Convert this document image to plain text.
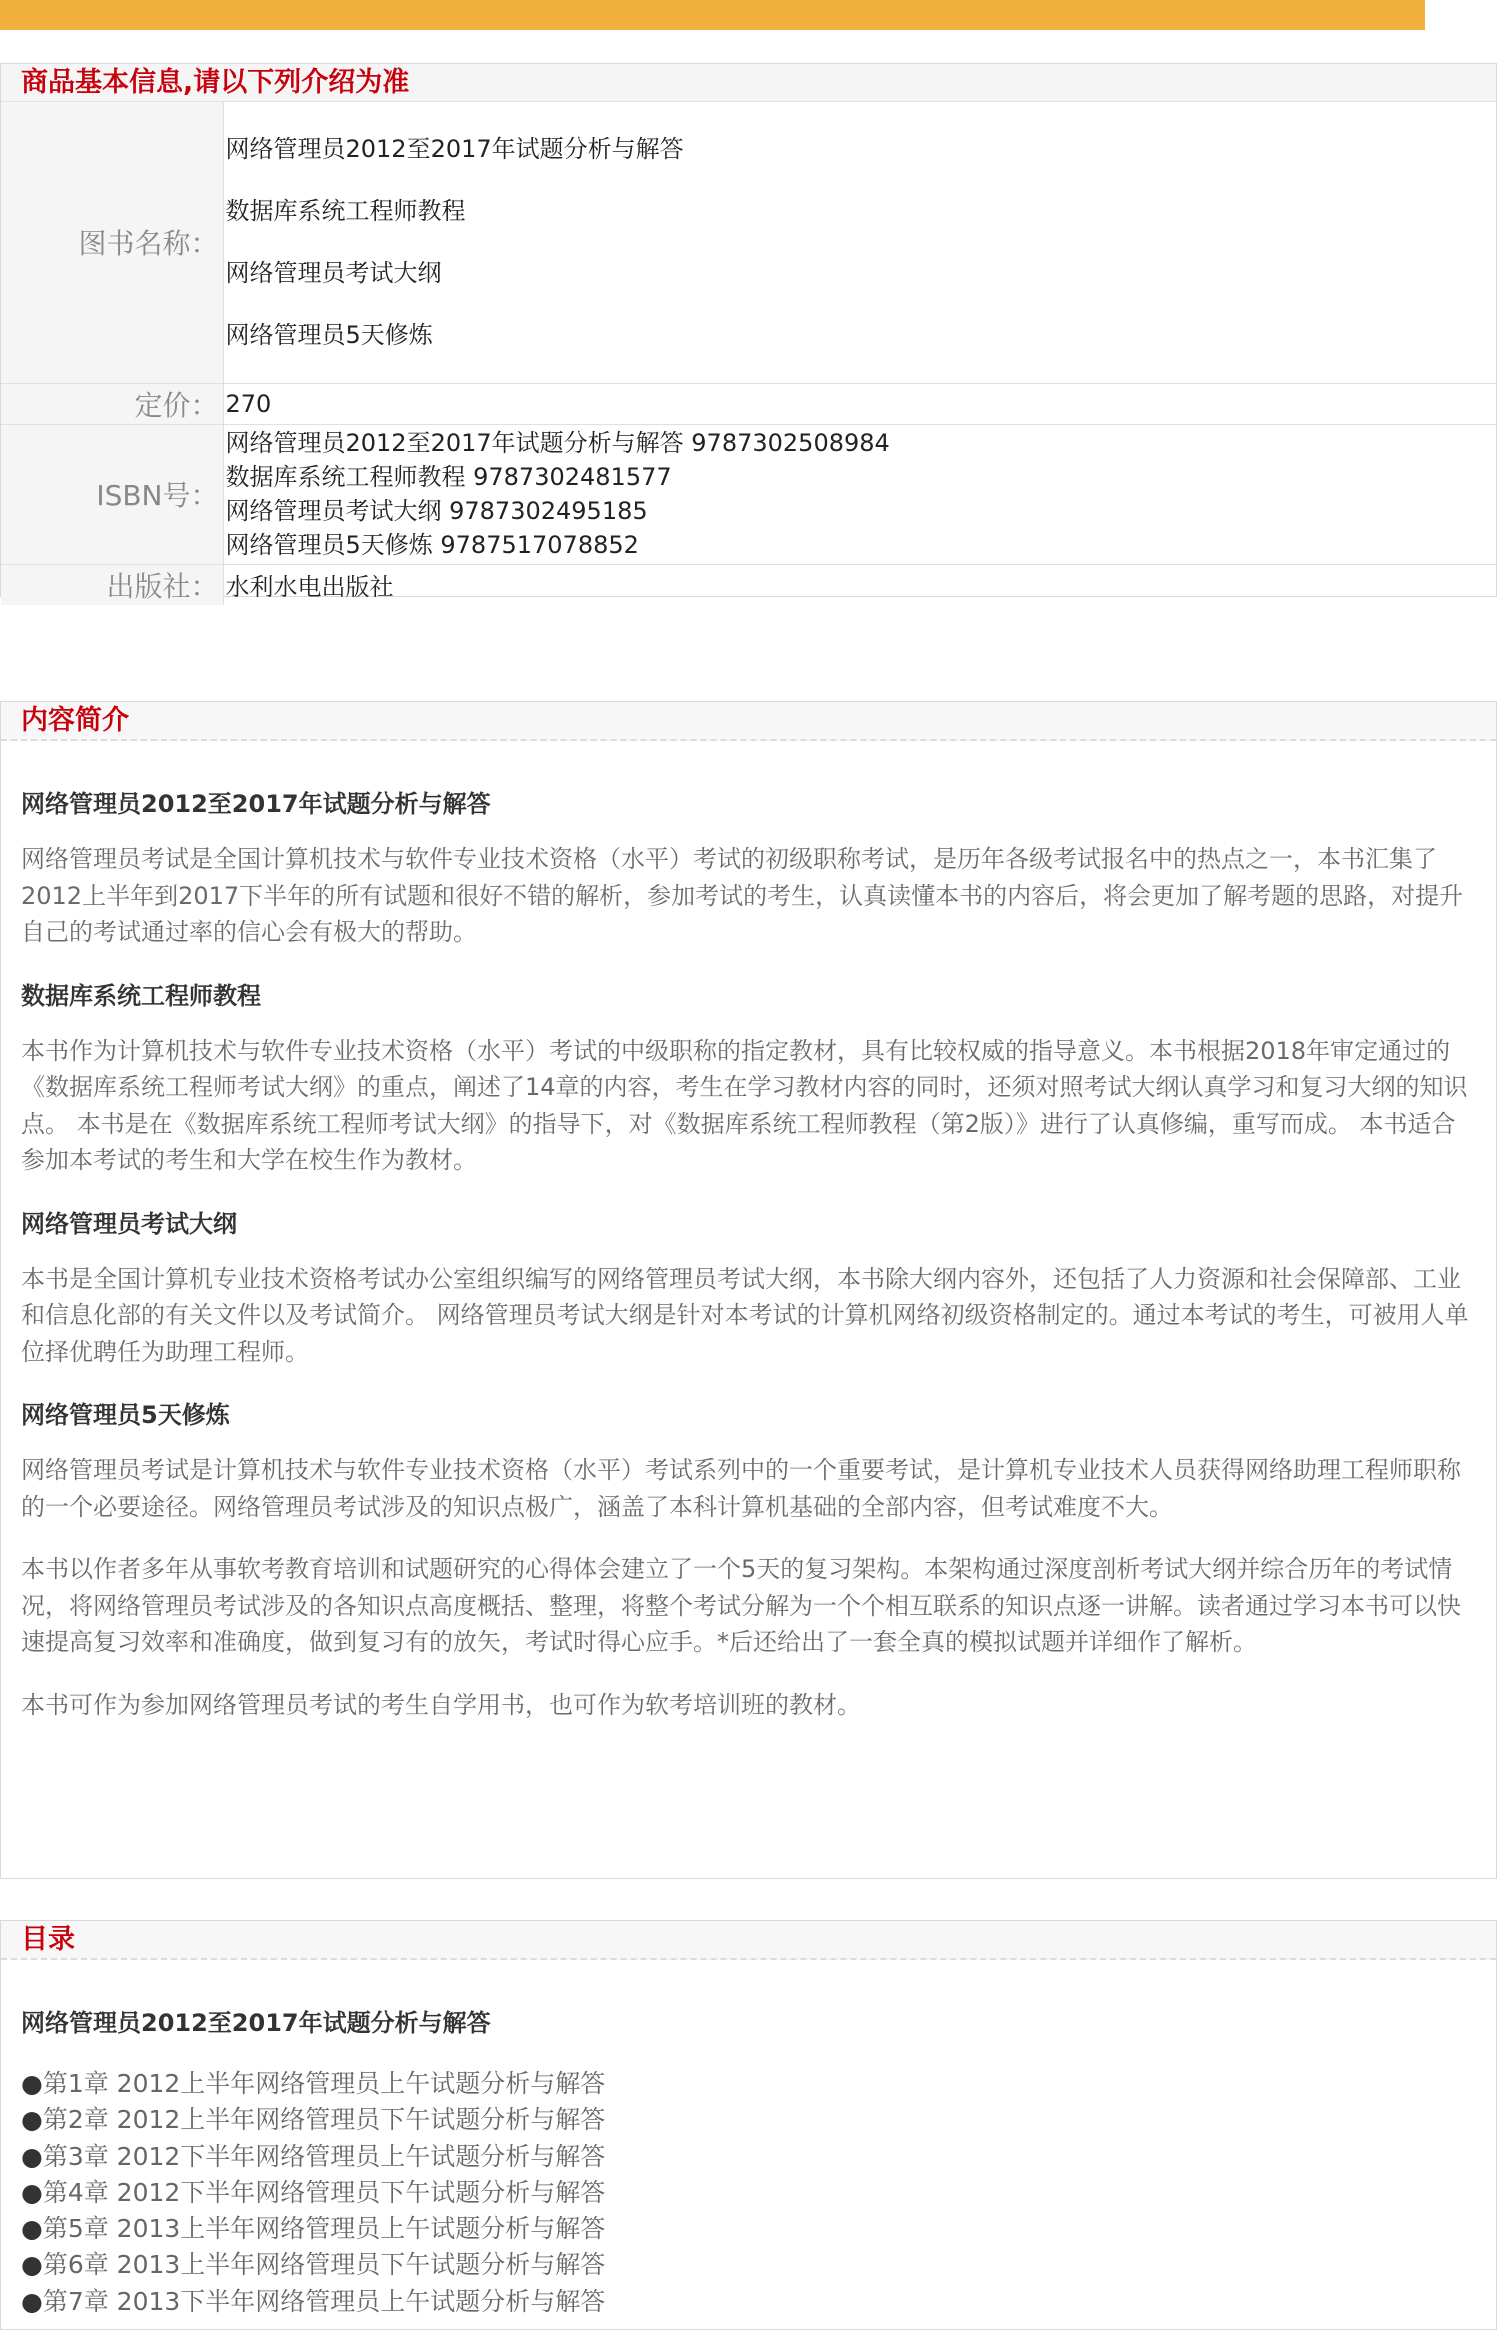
商品基本信息,请以下列介绍为准
图书名称：	网络管理员2012至2017年试题分析与解答
数据库系统工程师教程
网络管理员考试大纲
网络管理员5天修炼

定价：	270
ISBN号：	网络管理员2012至2017年试题分析与解答 9787302508984
数据库系统工程师教程 9787302481577
网络管理员考试大纲 9787302495185
网络管理员5天修炼 9787517078852

出版社：	水利水电出版社
内容简介

网络管理员2012至2017年试题分析与解答

网络管理员考试是全国计算机技术与软件专业技术资格（水平）考试的初级职称考试，是历年各级考试报名中的热点之一，本书汇集了2012上半年到2017下半年的所有试题和很好不错的解析，参加考试的考生，认真读懂本书的内容后，将会更加了解考题的思路，对提升自己的考试通过率的信心会有极大的帮助。

数据库系统工程师教程

本书作为计算机技术与软件专业技术资格（水平）考试的中级职称的指定教材，具有比较权威的指导意义。本书根据2018年审定通过的《数据库系统工程师考试大纲》的重点，阐述了14章的内容，考生在学习教材内容的同时，还须对照考试大纲认真学习和复习大纲的知识点。 本书是在《数据库系统工程师考试大纲》的指导下，对《数据库系统工程师教程（第2版）》进行了认真修编，重写而成。 本书适合参加本考试的考生和大学在校生作为教材。

网络管理员考试大纲

本书是全国计算机专业技术资格考试办公室组织编写的网络管理员考试大纲，本书除大纲内容外，还包括了人力资源和社会保障部、工业和信息化部的有关文件以及考试简介。 网络管理员考试大纲是针对本考试的计算机网络初级资格制定的。通过本考试的考生，可被用人单位择优聘任为助理工程师。

网络管理员5天修炼

网络管理员考试是计算机技术与软件专业技术资格（水平）考试系列中的一个重要考试，是计算机专业技术人员获得网络助理工程师职称的一个必要途径。网络管理员考试涉及的知识点极广，涵盖了本科计算机基础的全部内容，但考试难度不大。

本书以作者多年从事软考教育培训和试题研究的心得体会建立了一个5天的复习架构。本架构通过深度剖析考试大纲并综合历年的考试情况，将网络管理员考试涉及的各知识点高度概括、整理，将整个考试分解为一个个相互联系的知识点逐一讲解。读者通过学习本书可以快速提高复习效率和准确度，做到复习有的放矢，考试时得心应手。*后还给出了一套全真的模拟试题并详细作了解析。

本书可作为参加网络管理员考试的考生自学用书，也可作为软考培训班的教材。

目录

网络管理员2012至2017年试题分析与解答

●第1章 2012上半年网络管理员上午试题分析与解答
●第2章 2012上半年网络管理员下午试题分析与解答
●第3章 2012下半年网络管理员上午试题分析与解答
●第4章 2012下半年网络管理员下午试题分析与解答
●第5章 2013上半年网络管理员上午试题分析与解答
●第6章 2013上半年网络管理员下午试题分析与解答
●第7章 2013下半年网络管理员上午试题分析与解答
